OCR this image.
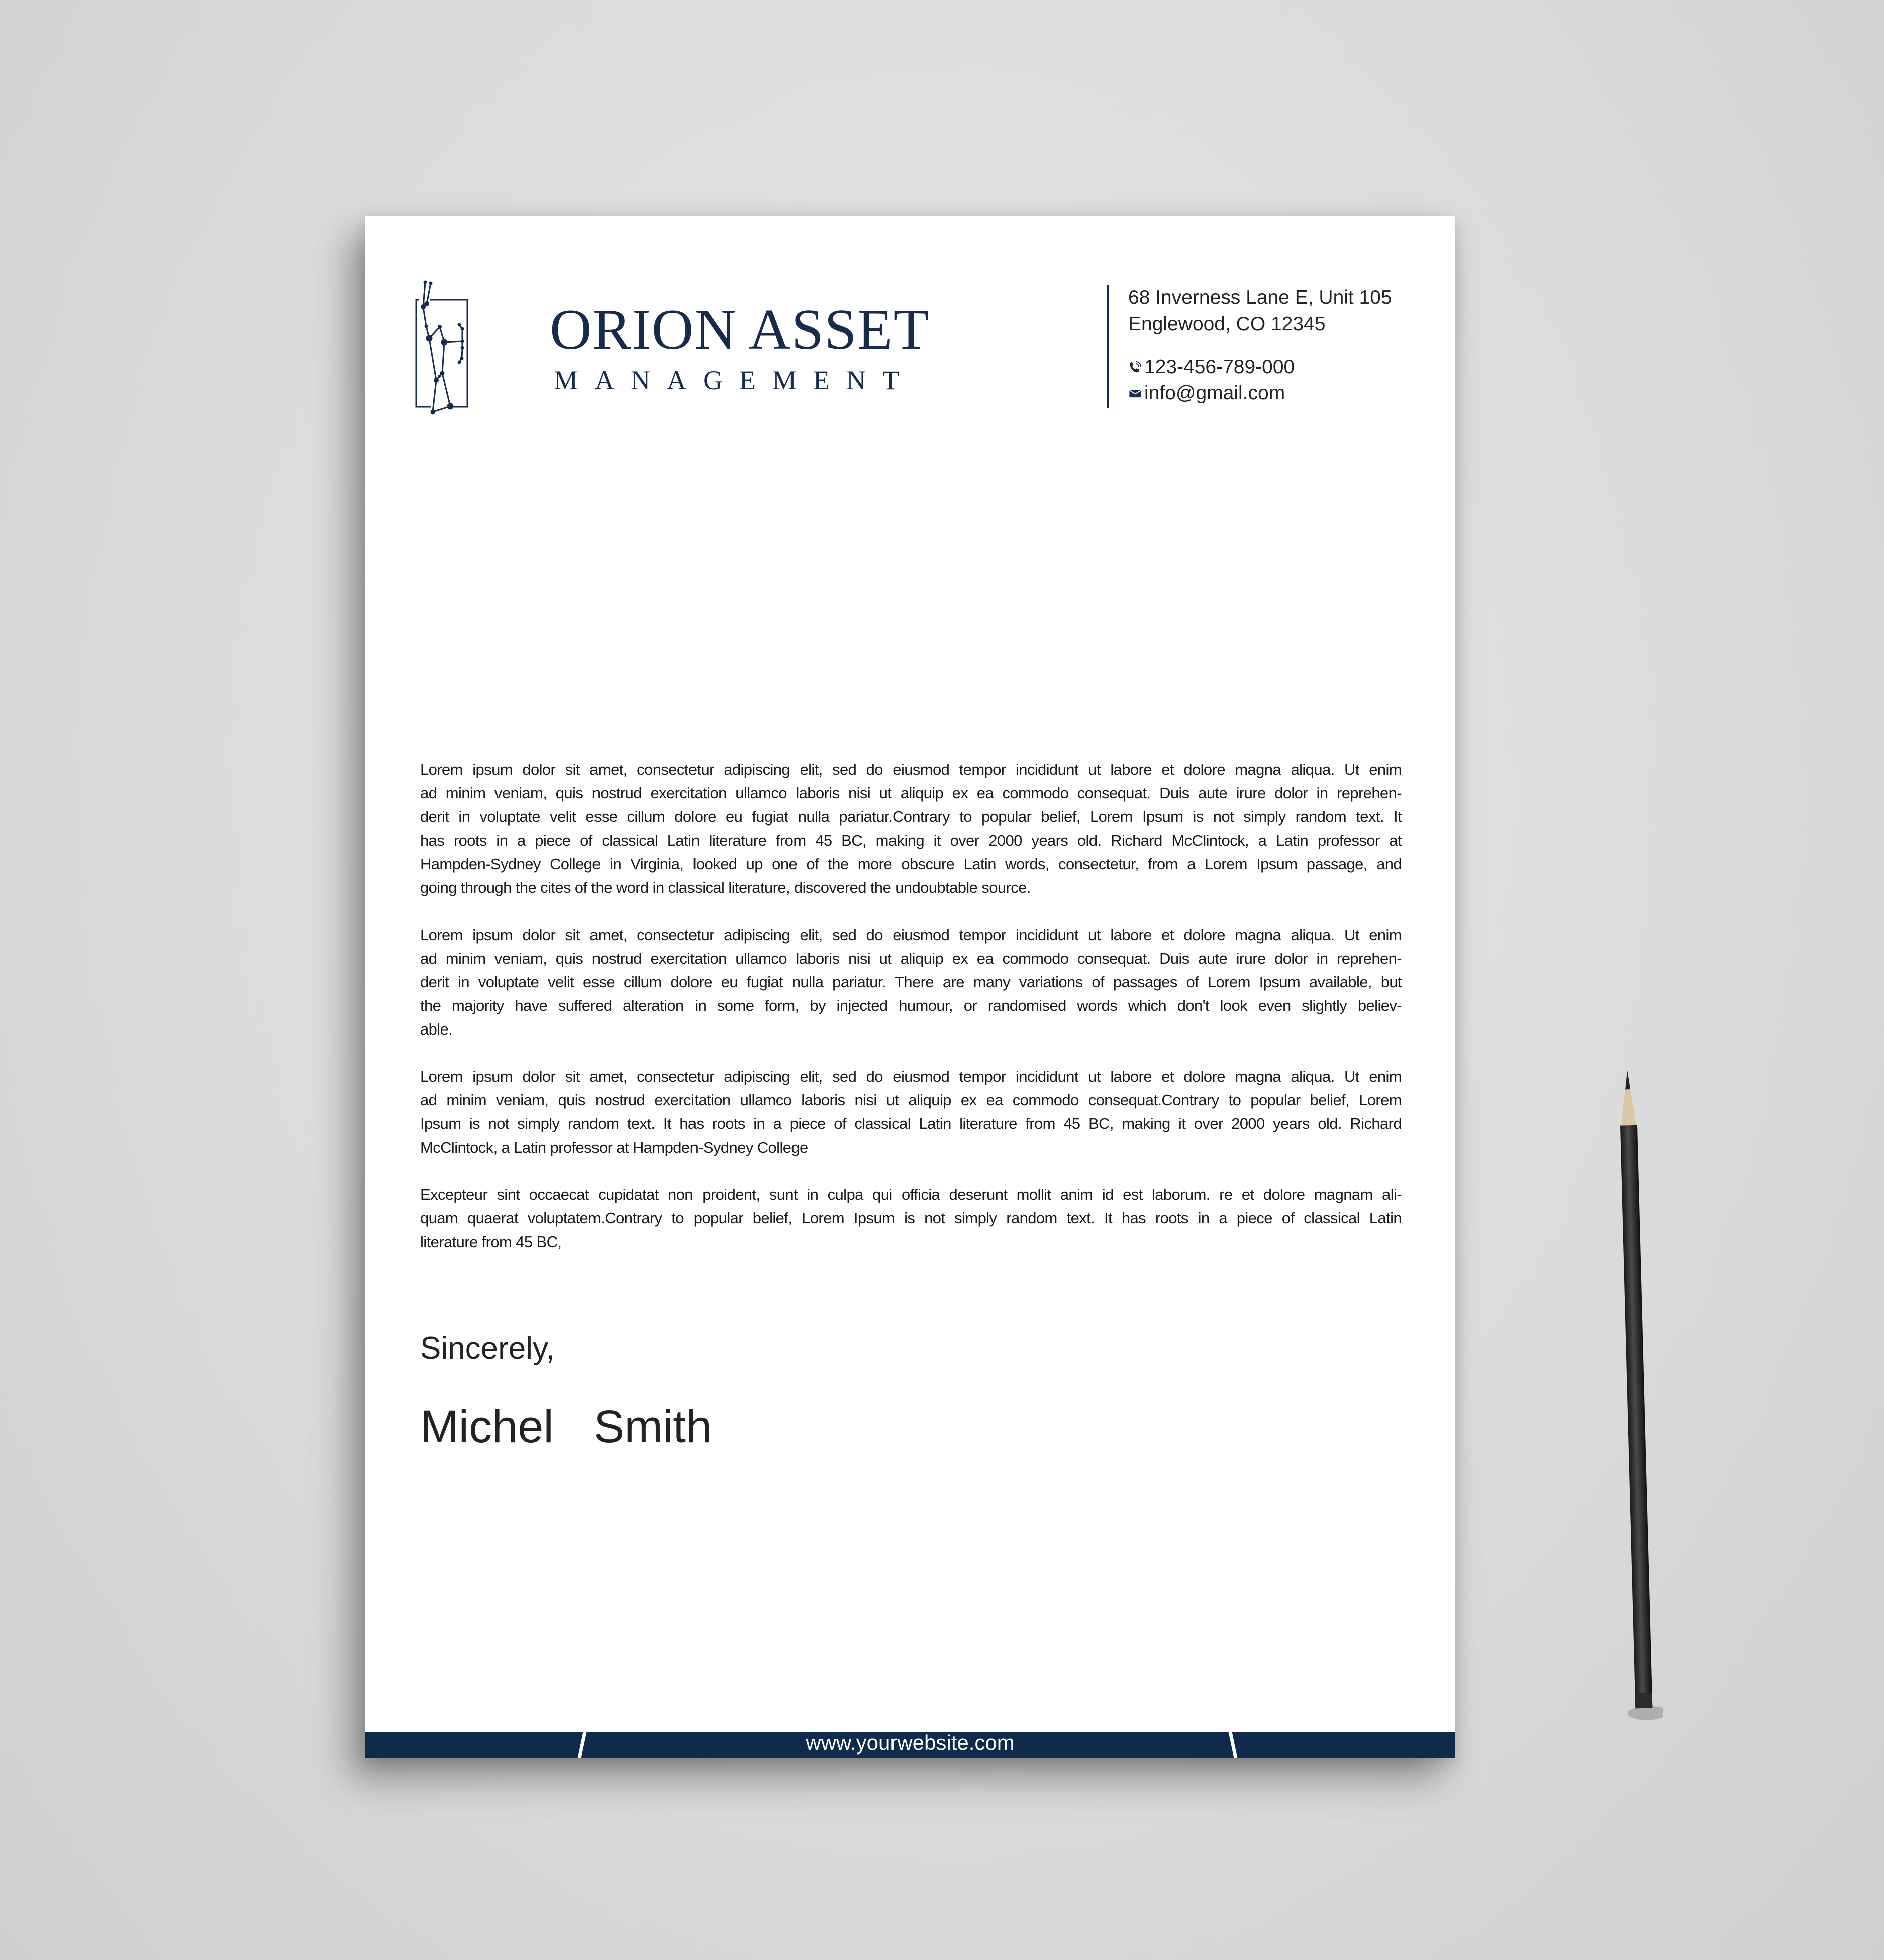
ORION ASSET
MANAGEMENT
68 Inverness Lane E, Unit 105
Englewood, CO 12345
123-456-789-000
info@gmail.com
Lorem ipsum dolor sit amet, consectetur adipiscing elit, sed do eiusmod tempor incididunt ut labore et dolore magna aliqua. Ut enim
ad minim veniam, quis nostrud exercitation ullamco laboris nisi ut aliquip ex ea commodo consequat. Duis aute irure dolor in reprehen-
derit in voluptate velit esse cillum dolore eu fugiat nulla pariatur.Contrary to popular belief, Lorem Ipsum is not simply random text. It
has roots in a piece of classical Latin literature from 45 BC, making it over 2000 years old. Richard McClintock, a Latin professor at
Hampden-Sydney College in Virginia, looked up one of the more obscure Latin words, consectetur, from a Lorem Ipsum passage, and
going through the cites of the word in classical literature, discovered the undoubtable source.
Lorem ipsum dolor sit amet, consectetur adipiscing elit, sed do eiusmod tempor incididunt ut labore et dolore magna aliqua. Ut enim
ad minim veniam, quis nostrud exercitation ullamco laboris nisi ut aliquip ex ea commodo consequat. Duis aute irure dolor in reprehen-
derit in voluptate velit esse cillum dolore eu fugiat nulla pariatur. There are many variations of passages of Lorem Ipsum available, but
the majority have suffered alteration in some form, by injected humour, or randomised words which don't look even slightly believ-
able.
Lorem ipsum dolor sit amet, consectetur adipiscing elit, sed do eiusmod tempor incididunt ut labore et dolore magna aliqua. Ut enim
ad minim veniam, quis nostrud exercitation ullamco laboris nisi ut aliquip ex ea commodo consequat.Contrary to popular belief, Lorem
Ipsum is not simply random text. It has roots in a piece of classical Latin literature from 45 BC, making it over 2000 years old. Richard
McClintock, a Latin professor at Hampden-Sydney College
Excepteur sint occaecat cupidatat non proident, sunt in culpa qui officia deserunt mollit anim id est laborum. re et dolore magnam ali-
quam quaerat voluptatem.Contrary to popular belief, Lorem Ipsum is not simply random text. It has roots in a piece of classical Latin
literature from 45 BC,
Sincerely,
Michel  Smith
www.yourwebsite.com
